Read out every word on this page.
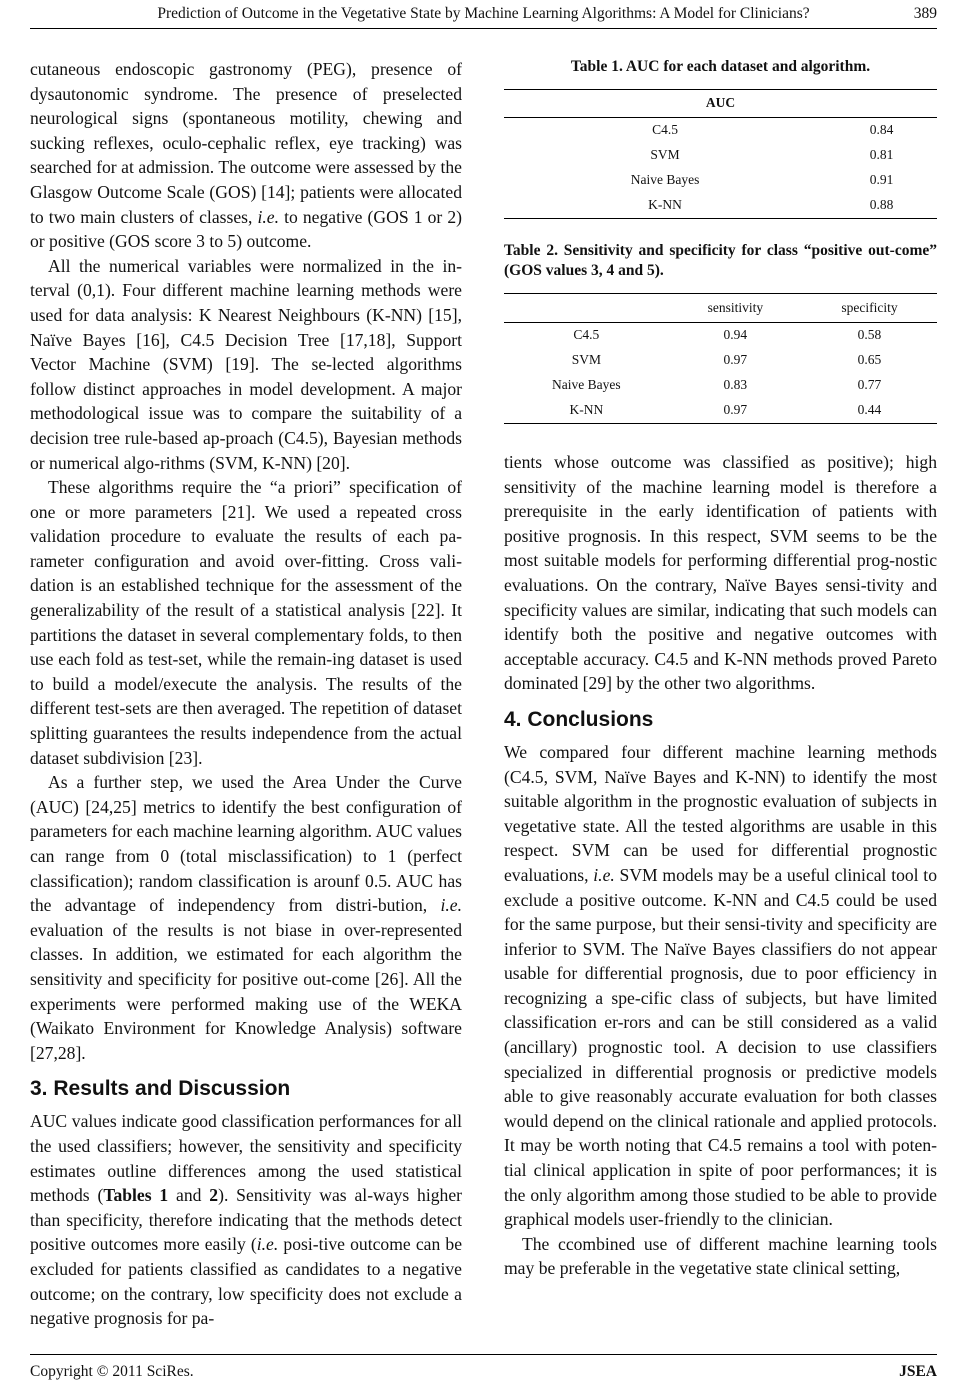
Prediction of Outcome in the Vegetative State by Machine Learning Algorithms: A Model for Clinicians?	389

cutaneous endoscopic gastronomy (PEG), presence of dysautonomic syndrome. The presence of preselected neurological signs (spontaneous motility, chewing and sucking reflexes, oculo-cephalic reflex, eye tracking) was searched for at admission. The outcome were assessed by the Glasgow Outcome Scale (GOS) [14]; patients were allocated to two main clusters of classes, i.e. to negative (GOS 1 or 2) or positive (GOS score 3 to 5) outcome.

All the numerical variables were normalized in the in-terval (0,1). Four different machine learning methods were used for data analysis: K Nearest Neighbours (K-NN) [15], Naïve Bayes [16], C4.5 Decision Tree [17,18], Support Vector Machine (SVM) [19]. The se-lected algorithms follow distinct approaches in model development. A major methodological issue was to compare the suitability of a decision tree rule-based ap-proach (C4.5), Bayesian methods or numerical algo-rithms (SVM, K-NN) [20].

These algorithms require the “a priori” specification of one or more parameters [21]. We used a repeated cross validation procedure to evaluate the results of each pa-rameter configuration and avoid over-fitting. Cross vali-dation is an established technique for the assessment of the generalizability of the result of a statistical analysis [22]. It partitions the dataset in several complementary folds, to then use each fold as test-set, while the remain-ing dataset is used to build a model/execute the analysis. The results of the different test-sets are then averaged. The repetition of dataset splitting guarantees the results independence from the actual dataset subdivision [23].

As a further step, we used the Area Under the Curve (AUC) [24,25] metrics to identify the best configuration of parameters for each machine learning algorithm. AUC values can range from 0 (total misclassification) to 1 (perfect classification); random classification is arounf 0.5. AUC has the advantage of independency from distri-bution, i.e. evaluation of the results is not biase in over-represented classes. In addition, we estimated for each algorithm the sensitivity and specificity for positive out-come [26]. All the experiments were performed making use of the WEKA (Waikato Environment for Knowledge Analysis) software [27,28].

3. Results and Discussion

AUC values indicate good classification performances for all the used classifiers; however, the sensitivity and specificity estimates outline differences among the used statistical methods (Tables 1 and 2). Sensitivity was al-ways higher than specificity, therefore indicating that the methods detect positive outcomes more easily (i.e. posi-tive outcome can be excluded for patients classified as candidates to a negative outcome; on the contrary, low specificity does not exclude a negative prognosis for pa-

Table 1. AUC for each dataset and algorithm.
AUC	
C4.5	0.84
SVM	0.81
Naive Bayes	0.91
K-NN	0.88
Table 2. Sensitivity and specificity for class “positive out-come” (GOS values 3, 4 and 5).
	sensitivity	specificity
C4.5	0.94	0.58
SVM	0.97	0.65
Naive Bayes	0.83	0.77
K-NN	0.97	0.44

tients whose outcome was classified as positive); high sensitivity of the machine learning model is therefore a prerequisite in the early identification of patients with positive prognosis. In this respect, SVM seems to be the most suitable models for performing differential prog-nostic evaluations. On the contrary, Naïve Bayes sensi-tivity and specificity values are similar, indicating that such models can identify both the positive and negative outcomes with acceptable accuracy. C4.5 and K-NN methods proved Pareto dominated [29] by the other two algorithms.

4. Conclusions

We compared four different machine learning methods (C4.5, SVM, Naïve Bayes and K-NN) to identify the most suitable algorithm in the prognostic evaluation of subjects in vegetative state. All the tested algorithms are usable in this respect. SVM can be used for differential prognostic evaluations, i.e. SVM models may be a useful clinical tool to exclude a positive outcome. K-NN and C4.5 could be used for the same purpose, but their sensi-tivity and specificity are inferior to SVM. The Naïve Bayes classifiers do not appear usable for differential prognosis, due to poor efficiency in recognizing a spe-cific class of subjects, but have limited classification er-rors and can be still considered as a valid (ancillary) prognostic tool. A decision to use classifiers specialized in differential prognosis or predictive models able to give reasonably accurate evaluation for both classes would depend on the clinical rationale and applied protocols. It may be worth noting that C4.5 remains a tool with poten-tial clinical application in spite of poor performances; it is the only algorithm among those studied to be able to provide graphical models user-friendly to the clinician.

The ccombined use of different machine learning tools may be preferable in the vegetative state clinical setting,

Copyright © 2011 SciRes.	JSEA
